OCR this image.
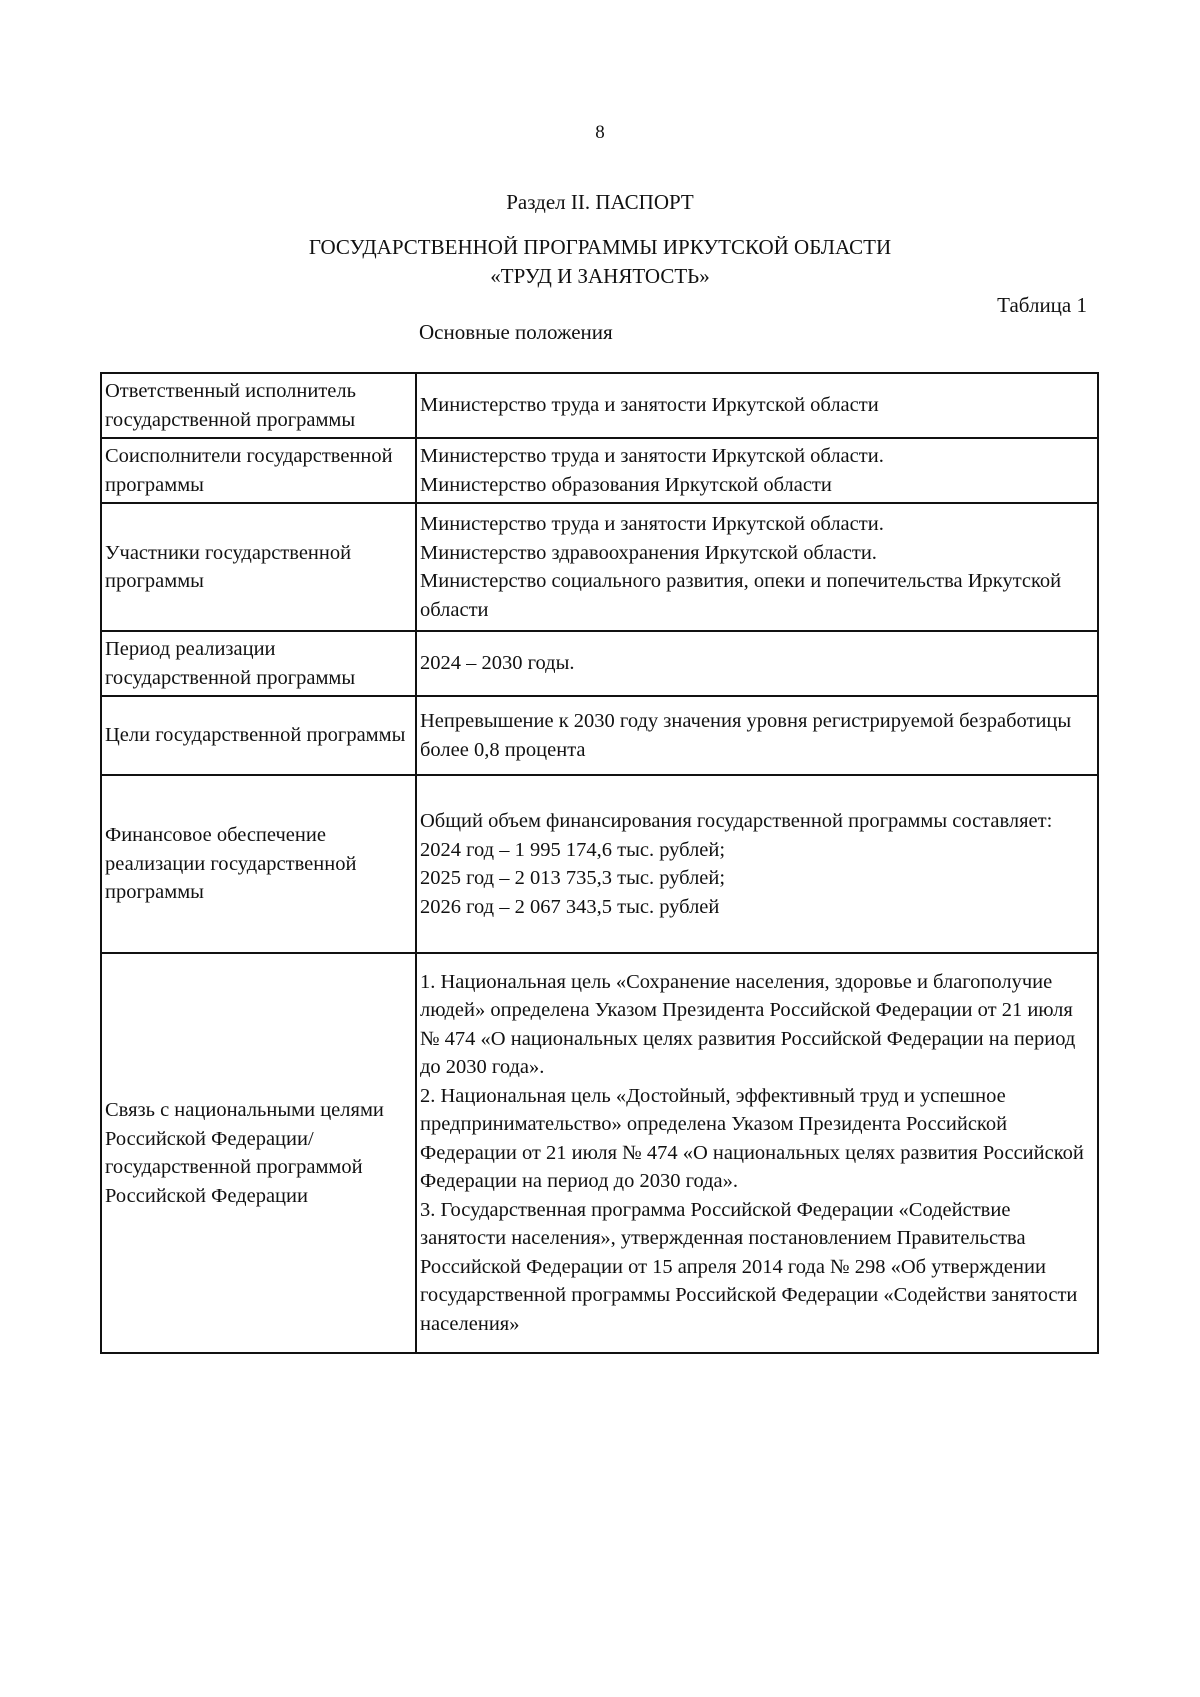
8
Раздел II. ПАСПОРТ
ГОСУДАРСТВЕННОЙ ПРОГРАММЫ ИРКУТСКОЙ ОБЛАСТИ
«ТРУД И ЗАНЯТОСТЬ»
Таблица 1
Основные положения
Ответственный исполнитель государственной программы	Министерство труда и занятости Иркутской области

Соисполнители государственной программы	Министерство труда и занятости Иркутской области.
Министерство образования Иркутской области

Участники государственной программы	Министерство труда и занятости Иркутской области.
Министерство здравоохранения Иркутской области.
Министерство социального развития, опеки и попечительства Иркутской области

Период реализации государственной программы	2024 – 2030 годы.

Цели государственной программы	Непревышение к 2030 году значения уровня регистрируемой безработицы более 0,8 процента

Финансовое обеспечение реализации государственной программы	Общий объем финансирования государственной программы составляет:
2024 год – 1 995 174,6 тыс. рублей;
2025 год – 2 013 735,3 тыс. рублей;
2026 год – 2 067 343,5 тыс. рублей

Связь с национальными целями Российской Федерации/государственной программой Российской Федерации	1. Национальная цель «Сохранение населения, здоровье и благополучие людей» определена Указом Президента Российской Федерации от 21 июля № 474 «О национальных целях развития Российской Федерации на период до 2030 года».
2. Национальная цель «Достойный, эффективный труд и успешное предпринимательство» определена Указом Президента Российской Федерации от 21 июля № 474 «О национальных целях развития Российской Федерации на период до 2030 года».
3. Государственная программа Российской Федерации «Содействие занятости населения», утвержденная постановлением Правительства Российской Федерации от 15 апреля 2014 года № 298 «Об утверждении государственной программы Российской Федерации «Содействи занятости населения»
